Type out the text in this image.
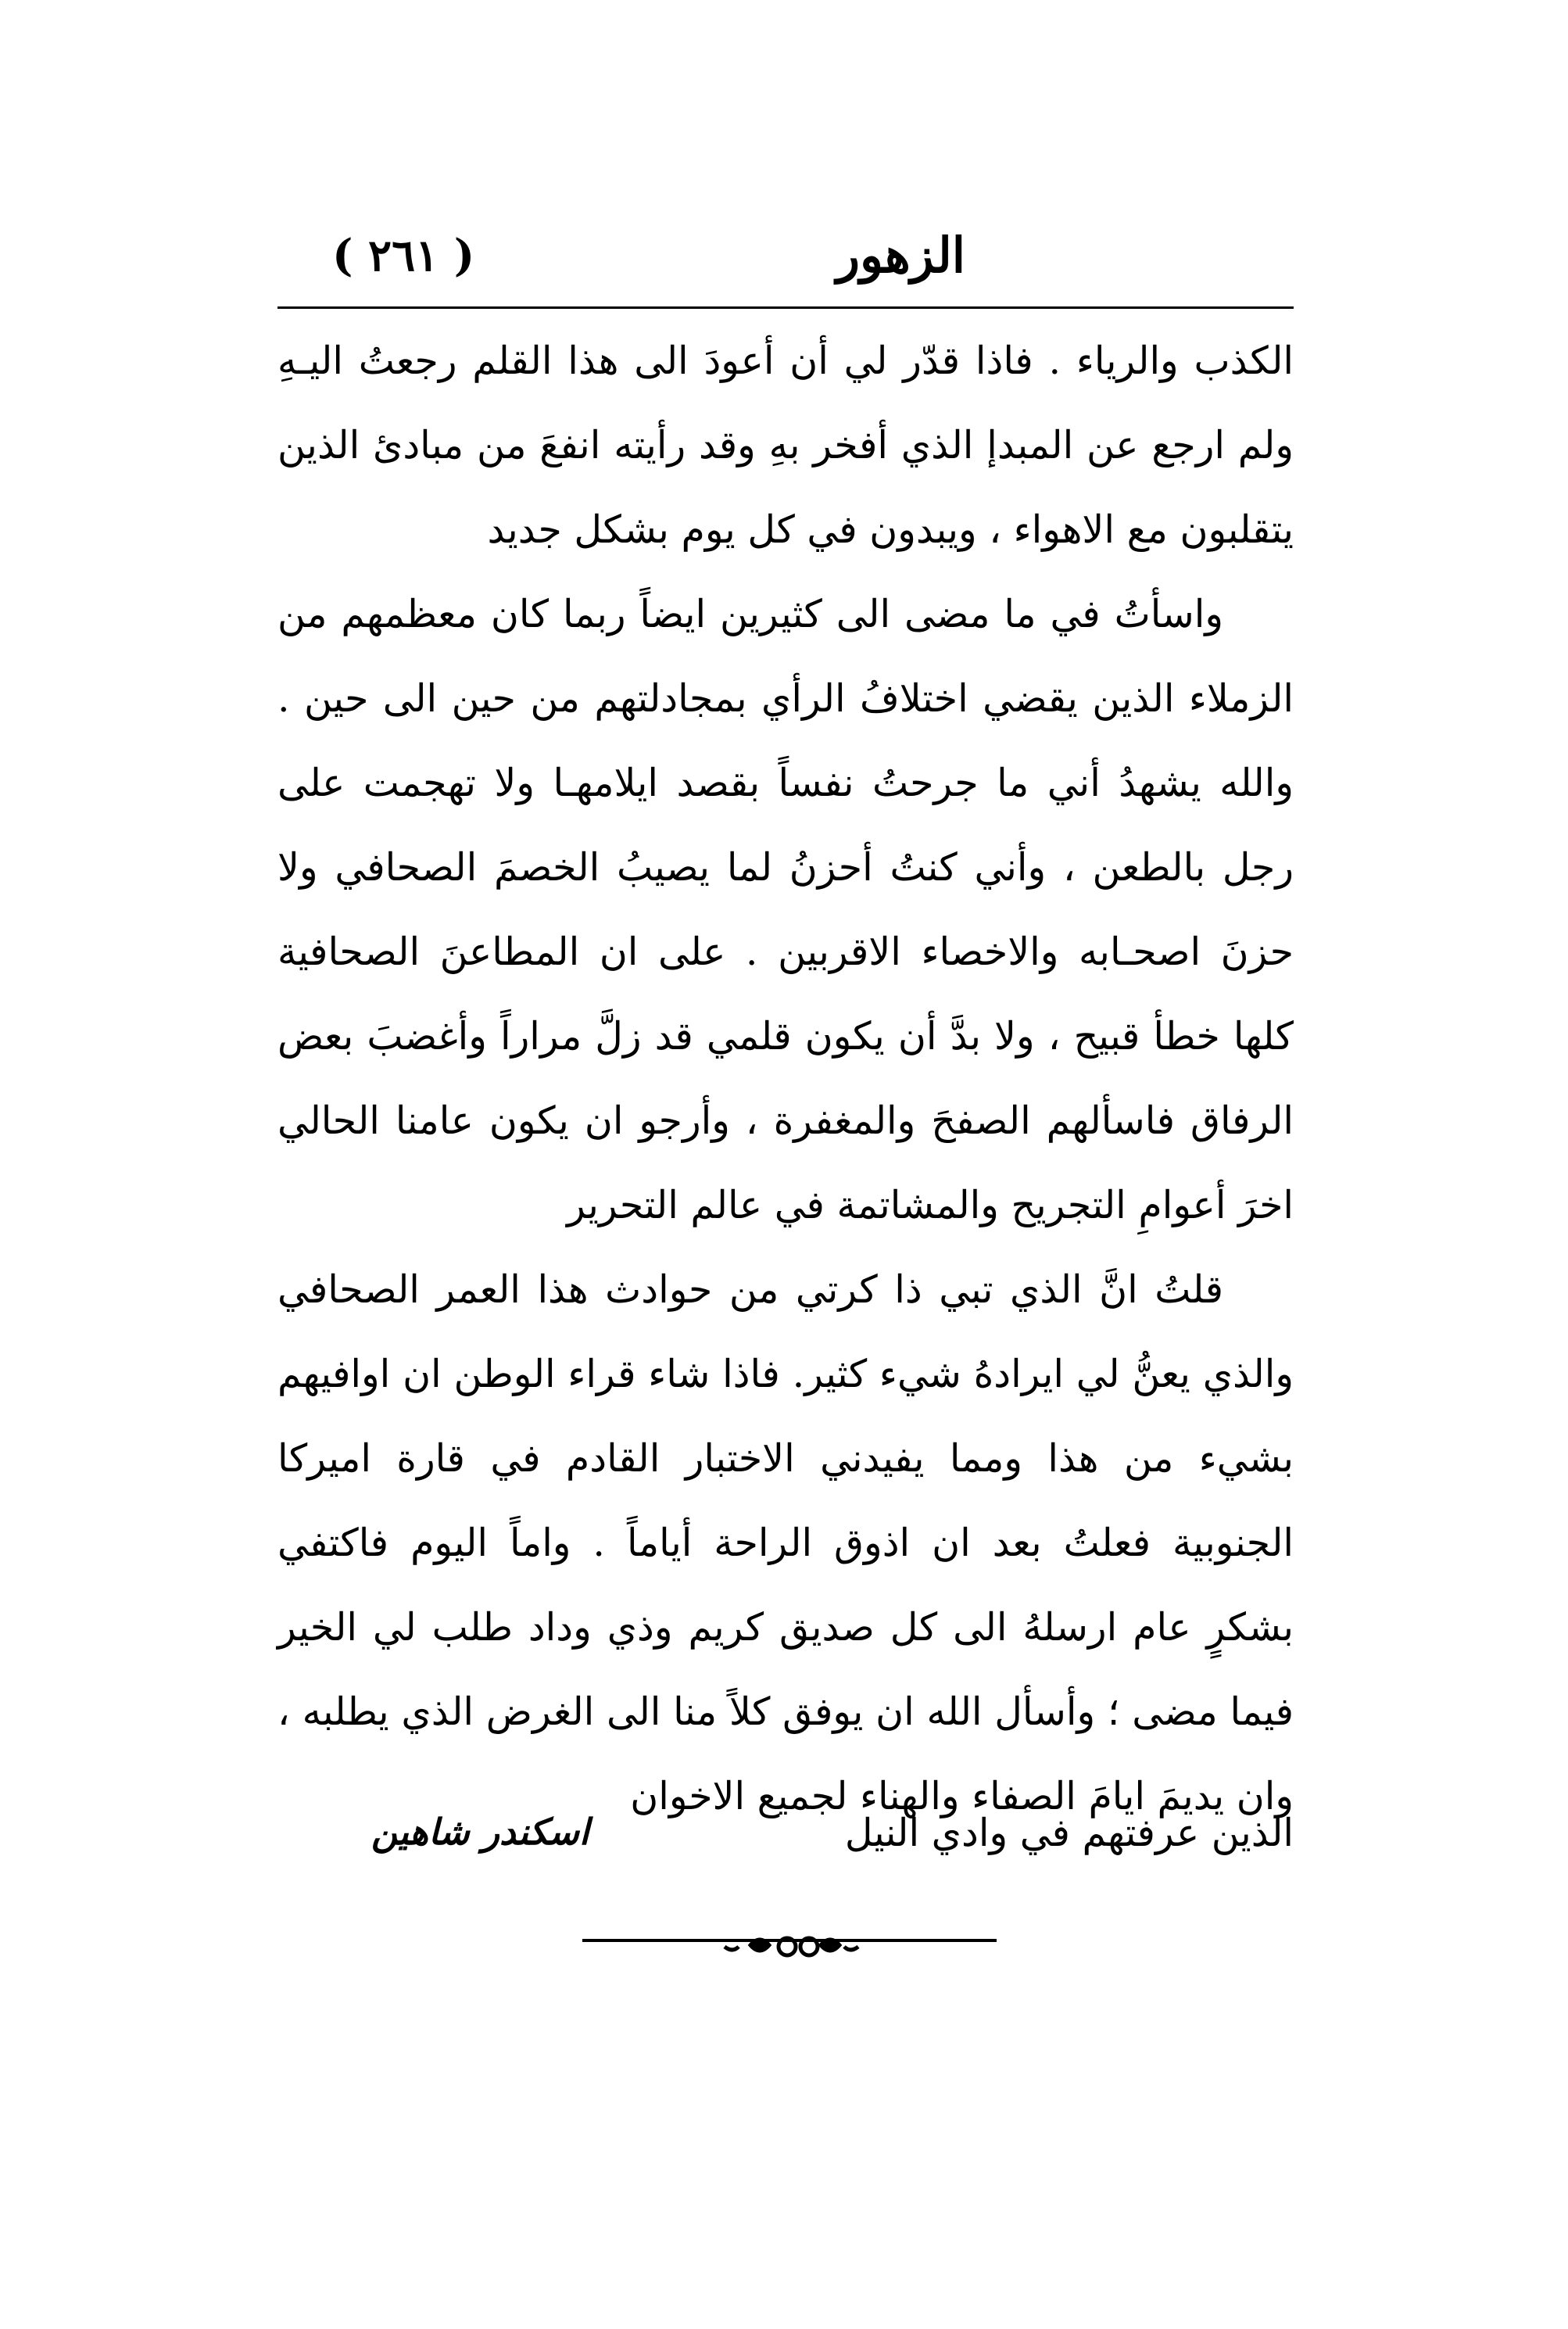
الزهور
( ٢٦١ )

الكذب والرياء . فاذا قدّر لي أن أعودَ الى هذا القلم رجعتُ اليـهِ ولم ارجع عن المبدإ الذي أفخر بهِ وقد رأيته انفعَ من مبادئ الذين يتقلبون مع الاهواء ، ويبدون في كل يوم بشكل جديد

واسأتُ في ما مضى الى كثيرين ايضاً ربما كان معظمهم من الزملاء الذين يقضي اختلافُ الرأي بمجادلتهم من حين الى حين . والله يشهدُ أني ما جرحتُ نفساً بقصد ايلامهـا ولا تهجمت على رجل بالطعن ، وأني كنتُ أحزنُ لما يصيبُ الخصمَ الصحافي ولا حزنَ اصحـابه والاخصاء الاقربين . على ان المطاعنَ الصحافية كلها خطأ قبيح ، ولا بدَّ أن يكون قلمي قد زلَّ مراراً وأغضبَ بعض الرفاق فاسألهم الصفحَ والمغفرة ، وأرجو ان يكون عامنا الحالي اخرَ أعوامِ التجريح والمشاتمة في عالم التحرير

قلتُ انَّ الذي تبي ذا كرتي من حوادث هذا العمر الصحافي والذي يعنُّ لي ايرادهُ شيء كثير. فاذا شاء قراء الوطن ان اوافيهم بشيء من هذا ومما يفيدني الاختبار القادم في قارة اميركا الجنوبية فعلتُ بعد ان اذوق الراحة أياماً . واماً اليوم فاكتفي بشكرٍ عام ارسلهُ الى كل صديق كريم وذي وداد طلب لي الخير فيما مضى ؛ وأسأل الله ان يوفق كلاً منا الى الغرض الذي يطلبه ، وان يديمَ ايامَ الصفاء والهناء لجميع الاخوان

الذين عرفتهم في وادي النيل
اسكندر شاهين
